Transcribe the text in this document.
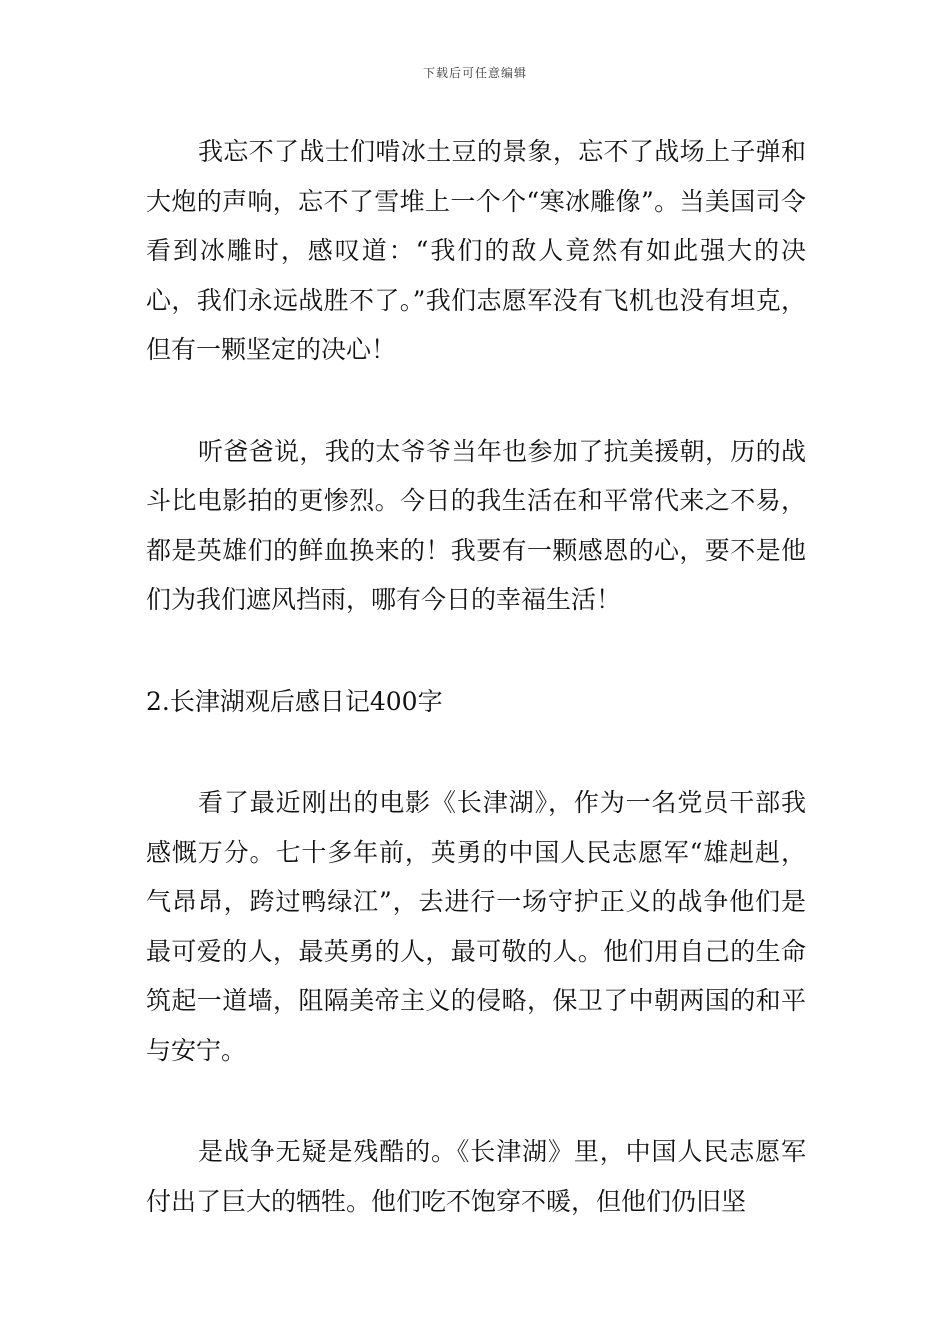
下载后可任意编辑

我忘不了战士们啃冰土豆的景象，忘不了战场上子弹和大炮的声响，忘不了雪堆上一个个“寒冰雕像”。当美国司令看到冰雕时，感叹道：“我们的敌人竟然有如此强大的决心，我们永远战胜不了。”我们志愿军没有飞机也没有坦克，但有一颗坚定的决心！

听爸爸说，我的太爷爷当年也参加了抗美援朝，历的战斗比电影拍的更惨烈。今日的我生活在和平常代来之不易，都是英雄们的鲜血换来的！我要有一颗感恩的心，要不是他们为我们遮风挡雨，哪有今日的幸福生活！

2.长津湖观后感日记400字

看了最近刚出的电影《长津湖》，作为一名党员干部我感慨万分。七十多年前，英勇的中国人民志愿军“雄赳赳，气昂昂，跨过鸭绿江”，去进行一场守护正义的战争他们是最可爱的人，最英勇的人，最可敬的人。他们用自己的生命筑起一道墙，阻隔美帝主义的侵略，保卫了中朝两国的和平与安宁。

是战争无疑是残酷的。《长津湖》里，中国人民志愿军付出了巨大的牺牲。他们吃不饱穿不暖，但他们仍旧坚
